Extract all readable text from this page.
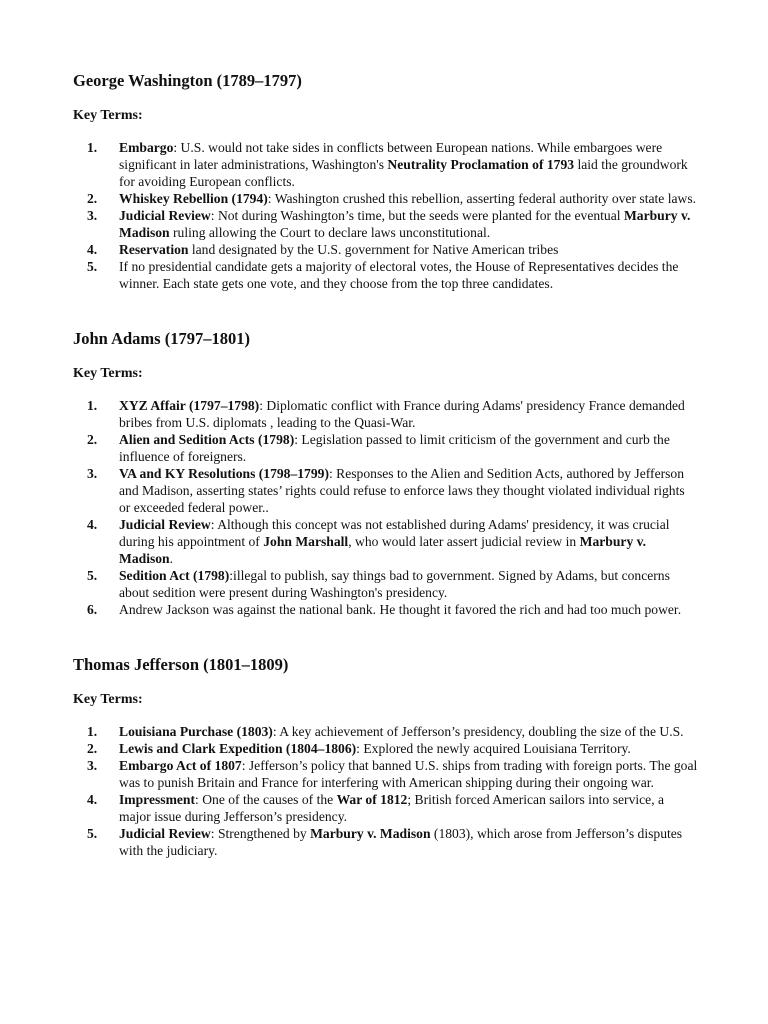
George Washington (1789–1797)

Key Terms:

1. Embargo: U.S. would not take sides in conflicts between European nations. While embargoes were significant in later administrations, Washington's Neutrality Proclamation of 1793 laid the groundwork for avoiding European conflicts.
2. Whiskey Rebellion (1794): Washington crushed this rebellion, asserting federal authority over state laws.
3. Judicial Review: Not during Washington’s time, but the seeds were planted for the eventual Marbury v. Madison ruling allowing the Court to declare laws unconstitutional.
4. Reservation land designated by the U.S. government for Native American tribes
5. If no presidential candidate gets a majority of electoral votes, the House of Representatives decides the winner. Each state gets one vote, and they choose from the top three candidates.
John Adams (1797–1801)

Key Terms:

1. XYZ Affair (1797–1798): Diplomatic conflict with France during Adams' presidency France demanded bribes from U.S. diplomats , leading to the Quasi-War.
2. Alien and Sedition Acts (1798): Legislation passed to limit criticism of the government and curb the influence of foreigners.
3. VA and KY Resolutions (1798–1799): Responses to the Alien and Sedition Acts, authored by Jefferson and Madison, asserting states’ rights could refuse to enforce laws they thought violated individual rights or exceeded federal power..
4. Judicial Review: Although this concept was not established during Adams' presidency, it was crucial during his appointment of John Marshall, who would later assert judicial review in Marbury v. Madison.
5. Sedition Act (1798):illegal to publish, say things bad to government. Signed by Adams, but concerns about sedition were present during Washington's presidency.
6. Andrew Jackson was against the national bank. He thought it favored the rich and had too much power.
Thomas Jefferson (1801–1809)

Key Terms:

1. Louisiana Purchase (1803): A key achievement of Jefferson’s presidency, doubling the size of the U.S.
2. Lewis and Clark Expedition (1804–1806): Explored the newly acquired Louisiana Territory.
3. Embargo Act of 1807: Jefferson’s policy that banned U.S. ships from trading with foreign ports. The goal was to punish Britain and France for interfering with American shipping during their ongoing war.
4. Impressment: One of the causes of the War of 1812; British forced American sailors into service, a major issue during Jefferson’s presidency.
5. Judicial Review: Strengthened by Marbury v. Madison (1803), which arose from Jefferson’s disputes with the judiciary.
